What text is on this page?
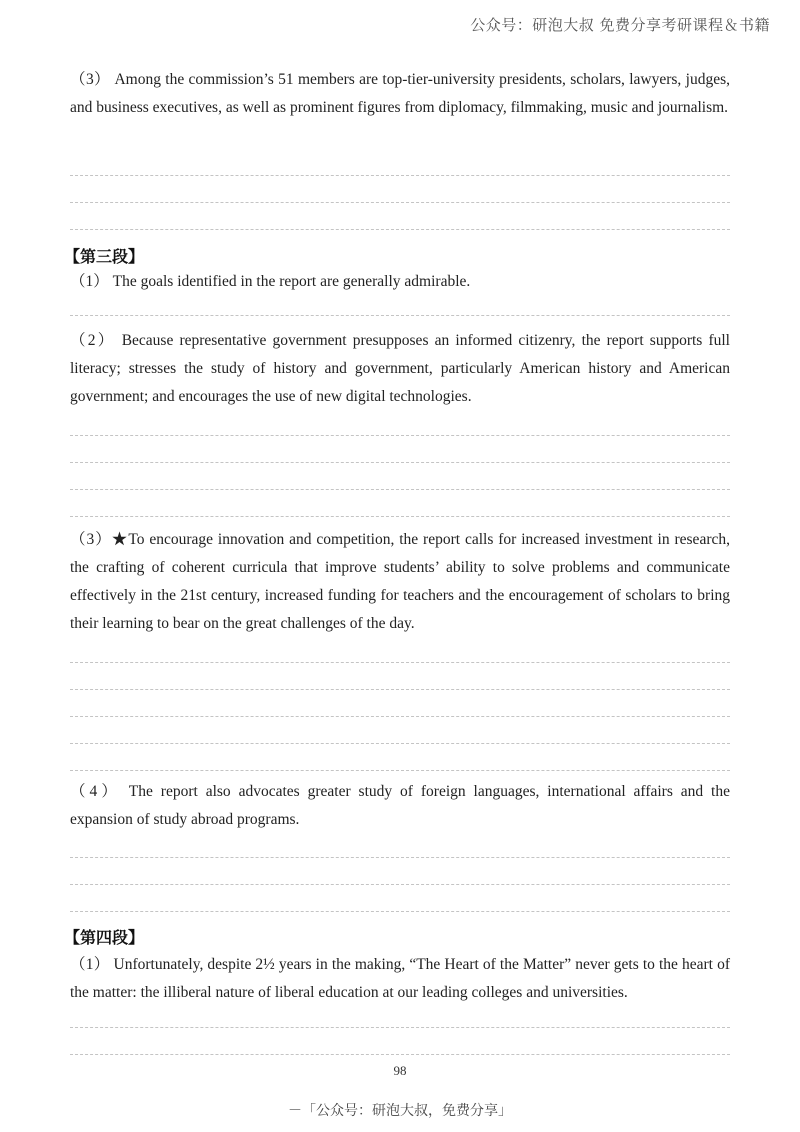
公众号：研泡大叔 免费分享考研课程＆书籍
（3） Among the commission’s 51 members are top-tier-university presidents, scholars, lawyers, judges, and business executives, as well as prominent figures from diplomacy, filmmaking, music and journalism.
【第三段】
（1） The goals identified in the report are generally admirable.
（2） Because representative government presupposes an informed citizenry, the report supports full literacy; stresses the study of history and government, particularly American history and American government; and encourages the use of new digital technologies.
（3）★To encourage innovation and competition, the report calls for increased investment in research, the crafting of coherent curricula that improve students’ ability to solve problems and communicate effectively in the 21st century, increased funding for teachers and the encouragement of scholars to bring their learning to bear on the great challenges of the day.
（4） The report also advocates greater study of foreign languages, international affairs and the expansion of study abroad programs.
【第四段】
（1） Unfortunately, despite 2½ years in the making, “The Heart of the Matter” never gets to the heart of the matter: the illiberal nature of liberal education at our leading colleges and universities.
98
－「公众号：研泡大叔，免费分享」
